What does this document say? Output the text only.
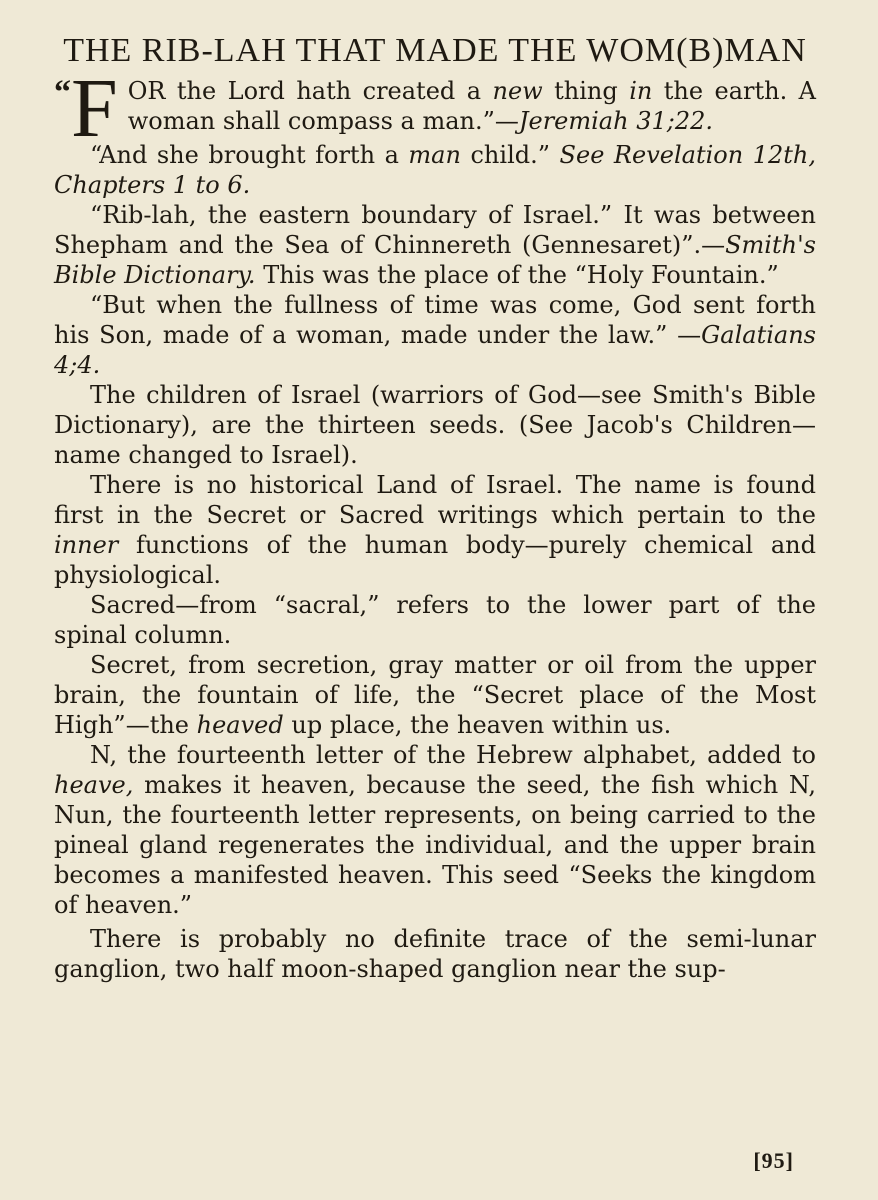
THE RIB-LAH THAT MADE THE WOM(B)MAN

“ F OR the Lord hath created a new thing in the earth. A woman shall compass a man.”—Jeremiah 31;22.

“And she brought forth a man child.” See Revelation 12th, Chapters 1 to 6.

“Rib-lah, the eastern boundary of Israel.” It was between Shepham and the Sea of Chinnereth (Gennesaret)”.—Smith's Bible Dictionary. This was the place of the “Holy Fountain.”

“But when the fullness of time was come, God sent forth his Son, made of a woman, made under the law.” —Galatians 4;4.

The children of Israel (warriors of God—see Smith's Bible Dictionary), are the thirteen seeds. (See Jacob's Children—name changed to Israel).

There is no historical Land of Israel. The name is found first in the Secret or Sacred writings which pertain to the inner functions of the human body—purely chemical and physiological.

Sacred—from “sacral,” refers to the lower part of the spinal column.

Secret, from secretion, gray matter or oil from the upper brain, the fountain of life, the “Secret place of the Most High”—the heaved up place, the heaven within us.

N, the fourteenth letter of the Hebrew alphabet, added to heave, makes it heaven, because the seed, the fish which N, Nun, the fourteenth letter represents, on being carried to the pineal gland regenerates the individual, and the upper brain becomes a manifested heaven. This seed “Seeks the kingdom of heaven.”

There is probably no definite trace of the semi-lunar ganglion, two half moon-shaped ganglion near the sup-

[95]
